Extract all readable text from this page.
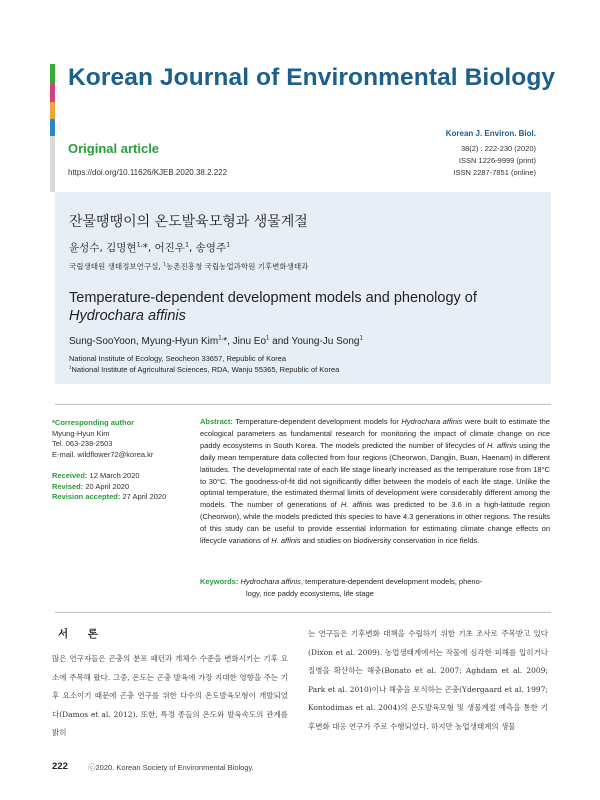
Korean Journal of Environmental Biology
Original article
https://doi.org/10.11626/KJEB.2020.38.2.222
Korean J. Environ. Biol.
38(2) : 222-230 (2020)
ISSN 1226-9999 (print)
ISSN 2287-7851 (online)
잔물땡땡이의 온도발육모형과 생물계절
윤성수, 김명현$^{1,}$*, 어진우$^1$, 송영주$^1$
국립생태원 생태정보연구실, $^1$농촌진흥청 국립농업과학원 기후변화생태과
Temperature-dependent development models and phenology of
Hydrochara affinis
Sung-SooYoon, Myung-Hyun Kim$^{1,}$*, Jinu Eo$^1$ and Young-Ju Song$^1$
National Institute of Ecology, Seocheon 33657, Republic of Korea
$^1$National Institute of Agricultural Sciences, RDA, Wanju 55365, Republic of Korea
*Corresponding author
Myung-Hyun Kim
Tel. 063-238-2503
E-mail. wildflower72@korea.kr
Received: 12 March 2020
Revised: 20 April 2020
Revision accepted: 27 April 2020
Abstract: Temperature-dependent development models for Hydrochara affinis were built to estimate the ecological parameters as fundamental research for monitoring the impact of climate change on rice paddy ecosystems in South Korea. The models predicted the number of lifecycles of H. affinis using the daily mean temperature data collected from four regions (Cheorwon, Dangjin, Buan, Haenam) in different latitudes. The developmental rate of each life stage linearly increased as the temperature rose from 18°C to 30°C. The goodness-of-fit did not significantly differ between the models of each life stage. Unlike the optimal temperature, the estimated thermal limits of development were considerably different among the models. The number of generations of H. affinis was predicted to be 3.6 in a high-latitude region (Cheorwon), while the models predicted this species to have 4.3 generations in other regions. The results of this study can be useful to provide essential information for estimating climate change effects on lifecycle variations of H. affinis and studies on biodiversity conservation in rice fields.
Keywords: Hydrochara affinis, temperature-dependent development models, pheno-
logy, rice paddy ecosystems, life stage
서 론
많은 연구자들은 곤충의 분포 패턴과 개체수 수준을 변화시키는 기후 요소에 주목해 왔다. 그중, 온도는 곤충 발육에 가장 지대한 영향을 주는 기후 요소이기 때문에 곤충 연구를 위한 다수의 온도발육모형이 개발되었다(Damos et al. 2012). 또한, 특정 종들의 온도와 발육속도의 관계를 밝히
는 연구들은 기후변화 대책을 수립하기 위한 기초 조사로 주목받고 있다(Dixon et al. 2009). 농업생태계에서는 작물에 심각한 피해를 입히거나 질병을 확산하는 해충(Bonato et al. 2007; Aghdam et al. 2009; Park et al. 2010)이나 해충을 포식하는 곤충(Ydergaard et al. 1997; Kontodimas et al. 2004)의 온도발육모형 및 생물계절 예측을 통한 기후변화 대응 연구가 주로 수행되었다. 하지만 농업생태계의 생물
222	ⓒ2020. Korean Society of Environmental Biology.
